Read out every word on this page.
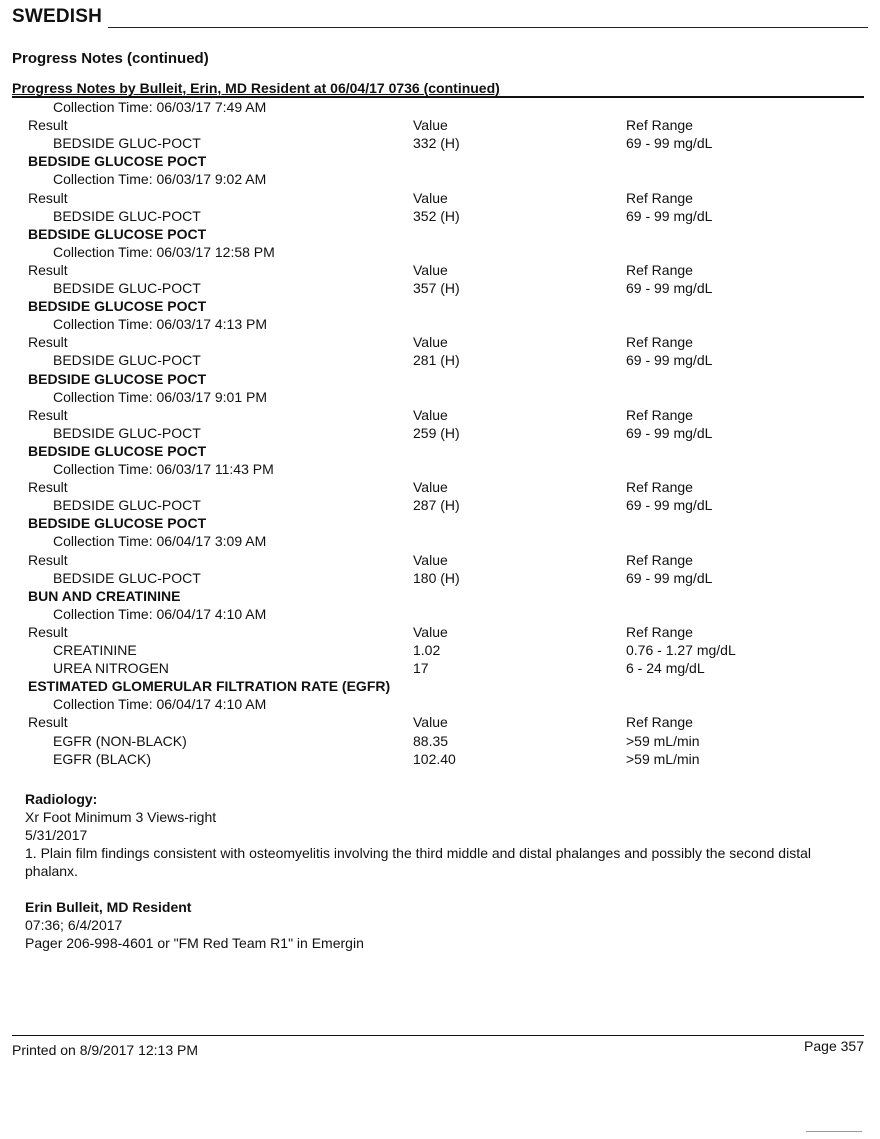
SWEDISH
Progress Notes (continued)
Progress Notes by Bulleit, Erin, MD Resident at 06/04/17 0736 (continued)
Collection Time: 06/03/17 7:49 AM
Result	Value	Ref Range
BEDSIDE GLUC-POCT	332 (H)	69 - 99 mg/dL
BEDSIDE GLUCOSE POCT
Collection Time: 06/03/17 9:02 AM
Result	Value	Ref Range
BEDSIDE GLUC-POCT	352 (H)	69 - 99 mg/dL
BEDSIDE GLUCOSE POCT
Collection Time: 06/03/17 12:58 PM
Result	Value	Ref Range
BEDSIDE GLUC-POCT	357 (H)	69 - 99 mg/dL
BEDSIDE GLUCOSE POCT
Collection Time: 06/03/17 4:13 PM
Result	Value	Ref Range
BEDSIDE GLUC-POCT	281 (H)	69 - 99 mg/dL
BEDSIDE GLUCOSE POCT
Collection Time: 06/03/17 9:01 PM
Result	Value	Ref Range
BEDSIDE GLUC-POCT	259 (H)	69 - 99 mg/dL
BEDSIDE GLUCOSE POCT
Collection Time: 06/03/17 11:43 PM
Result	Value	Ref Range
BEDSIDE GLUC-POCT	287 (H)	69 - 99 mg/dL
BEDSIDE GLUCOSE POCT
Collection Time: 06/04/17 3:09 AM
Result	Value	Ref Range
BEDSIDE GLUC-POCT	180 (H)	69 - 99 mg/dL
BUN AND CREATININE
Collection Time: 06/04/17 4:10 AM
Result	Value	Ref Range
CREATININE	1.02	0.76 - 1.27 mg/dL
UREA NITROGEN	17	6 - 24 mg/dL
ESTIMATED GLOMERULAR FILTRATION RATE (EGFR)
Collection Time: 06/04/17 4:10 AM
Result	Value	Ref Range
EGFR (NON-BLACK)	88.35	>59 mL/min
EGFR (BLACK)	102.40	>59 mL/min
Radiology:
Xr Foot Minimum 3 Views-right
5/31/2017
1. Plain film findings consistent with osteomyelitis involving the third middle and distal phalanges and possibly the second distal phalanx.
Erin Bulleit, MD Resident
07:36; 6/4/2017
Pager 206-998-4601 or "FM Red Team R1" in Emergin
Printed on 8/9/2017 12:13 PM	Page 357
